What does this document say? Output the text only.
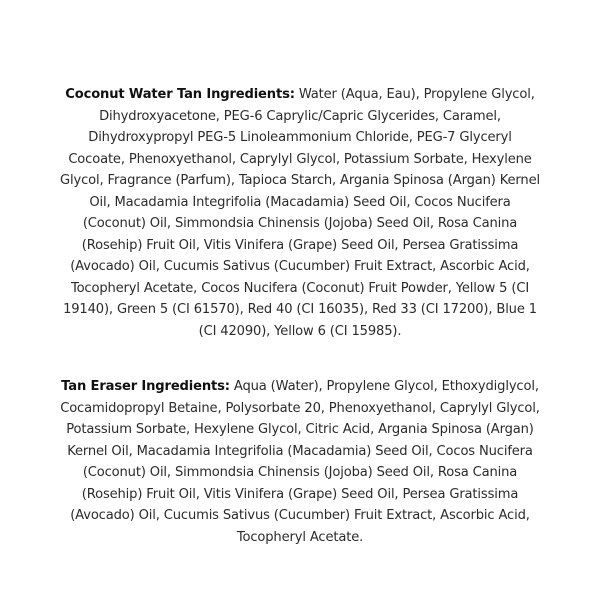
Coconut Water Tan Ingredients: Water (Aqua, Eau), Propylene Glycol, Dihydroxyacetone, PEG-6 Caprylic/Capric Glycerides, Caramel, Dihydroxypropyl PEG-5 Linoleammonium Chloride, PEG-7 Glyceryl Cocoate, Phenoxyethanol, Caprylyl Glycol, Potassium Sorbate, Hexylene Glycol, Fragrance (Parfum), Tapioca Starch, Argania Spinosa (Argan) Kernel Oil, Macadamia Integrifolia (Macadamia) Seed Oil, Cocos Nucifera (Coconut) Oil, Simmondsia Chinensis (Jojoba) Seed Oil, Rosa Canina (Rosehip) Fruit Oil, Vitis Vinifera (Grape) Seed Oil, Persea Gratissima (Avocado) Oil, Cucumis Sativus (Cucumber) Fruit Extract, Ascorbic Acid, Tocopheryl Acetate, Cocos Nucifera (Coconut) Fruit Powder, Yellow 5 (CI 19140), Green 5 (CI 61570), Red 40 (CI 16035), Red 33 (CI 17200), Blue 1 (CI 42090), Yellow 6 (CI 15985).

Tan Eraser Ingredients: Aqua (Water), Propylene Glycol, Ethoxydiglycol, Cocamidopropyl Betaine, Polysorbate 20, Phenoxyethanol, Caprylyl Glycol, Potassium Sorbate, Hexylene Glycol, Citric Acid, Argania Spinosa (Argan) Kernel Oil, Macadamia Integrifolia (Macadamia) Seed Oil, Cocos Nucifera (Coconut) Oil, Simmondsia Chinensis (Jojoba) Seed Oil, Rosa Canina (Rosehip) Fruit Oil, Vitis Vinifera (Grape) Seed Oil, Persea Gratissima (Avocado) Oil, Cucumis Sativus (Cucumber) Fruit Extract, Ascorbic Acid, Tocopheryl Acetate.
